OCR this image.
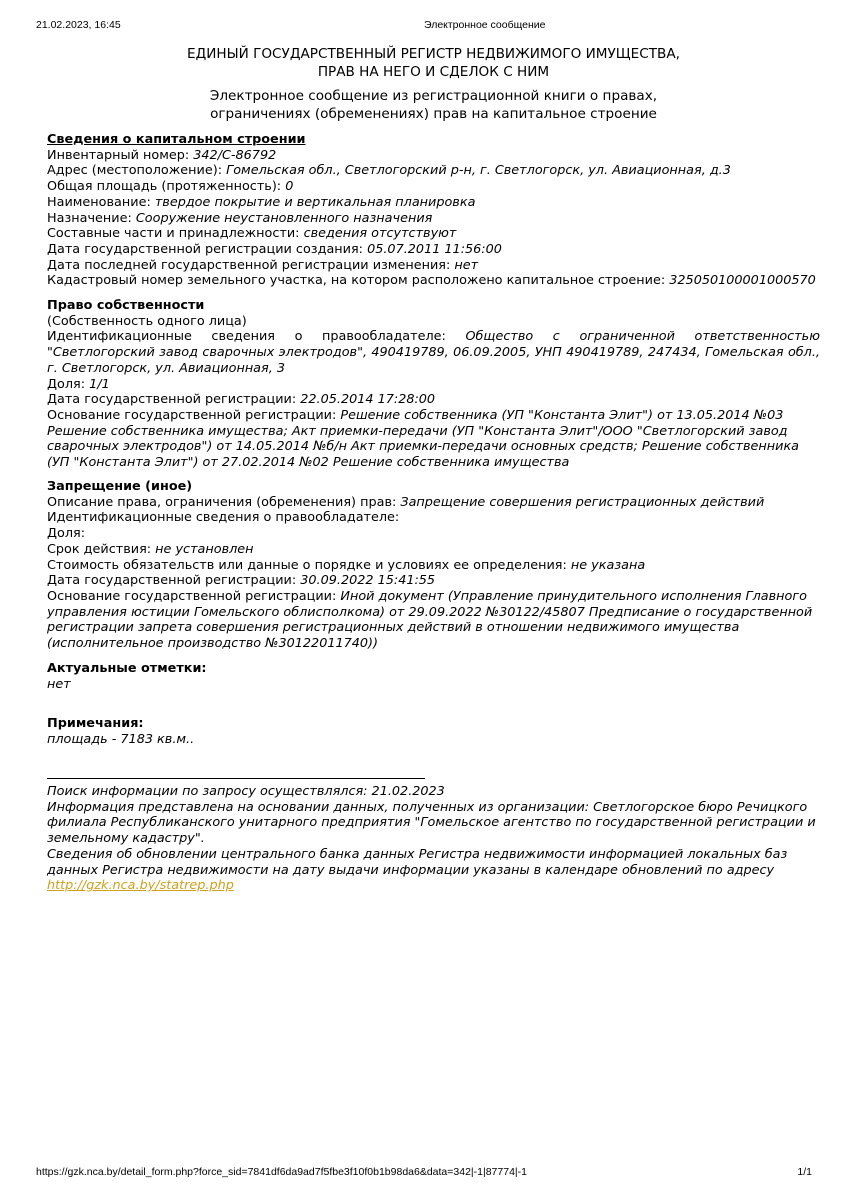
21.02.2023, 16:45	Электронное сообщение
ЕДИНЫЙ ГОСУДАРСТВЕННЫЙ РЕГИСТР НЕДВИЖИМОГО ИМУЩЕСТВА,
ПРАВ НА НЕГО И СДЕЛОК С НИМ
Электронное сообщение из регистрационной книги о правах,
ограничениях (обременениях) прав на капитальное строение
Сведения о капитальном строении
Инвентарный номер: 342/С-86792
Адрес (местоположение): Гомельская обл., Светлогорский р-н, г. Светлогорск, ул. Авиационная, д.3
Общая площадь (протяженность): 0
Наименование: твердое покрытие и вертикальная планировка
Назначение: Сооружение неустановленного назначения
Составные части и принадлежности: сведения отсутствуют
Дата государственной регистрации создания: 05.07.2011 11:56:00
Дата последней государственной регистрации изменения: нет
Кадастровый номер земельного участка, на котором расположено капитальное строение: 325050100001000570
Право собственности
(Собственность одного лица)
Идентификационные сведения о правообладателе: Общество с ограниченной ответственностью "Светлогорский завод сварочных электродов", 490419789, 06.09.2005, УНП 490419789, 247434, Гомельская обл., г. Светлогорск, ул. Авиационная, 3
Доля: 1/1
Дата государственной регистрации: 22.05.2014 17:28:00
Основание государственной регистрации: Решение собственника (УП "Константа Элит") от 13.05.2014 №03 Решение собственника имущества; Акт приемки-передачи (УП "Константа Элит"/ООО "Светлогорский завод сварочных электродов") от 14.05.2014 №б/н Акт приемки-передачи основных средств; Решение собственника (УП "Константа Элит") от 27.02.2014 №02 Решение собственника имущества
Запрещение (иное)
Описание права, ограничения (обременения) прав: Запрещение совершения регистрационных действий
Идентификационные сведения о правообладателе:
Доля:
Срок действия: не установлен
Стоимость обязательств или данные о порядке и условиях ее определения: не указана
Дата государственной регистрации: 30.09.2022 15:41:55
Основание государственной регистрации: Иной документ (Управление принудительного исполнения Главного управления юстиции Гомельского облисполкома) от 29.09.2022 №30122/45807 Предписание о государственной регистрации запрета совершения регистрационных действий в отношении недвижимого имущества (исполнительное производство №30122011740))
Актуальные отметки:
нет
Примечания:
площадь - 7183 кв.м..
Поиск информации по запросу осуществлялся: 21.02.2023
Информация представлена на основании данных, полученных из организации: Светлогорское бюро Речицкого филиала Республиканского унитарного предприятия "Гомельское агентство по государственной регистрации и земельному кадастру".
Сведения об обновлении центрального банка данных Регистра недвижимости информацией локальных баз данных Регистра недвижимости на дату выдачи информации указаны в календаре обновлений по адресу
http://gzk.nca.by/statrep.php
https://gzk.nca.by/detail_form.php?force_sid=7841df6da9ad7f5fbe3f10f0b1b98da6&data=342|-1|87774|-1	1/1
